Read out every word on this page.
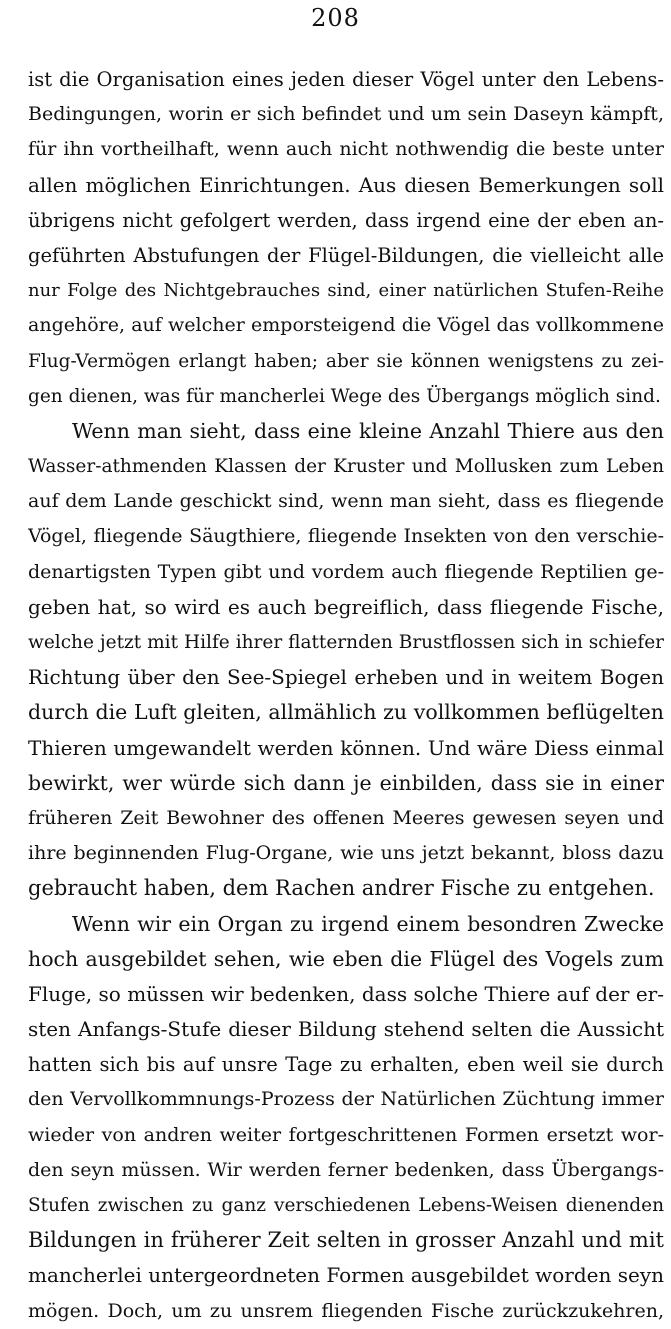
208
ist die Organisation eines jeden dieser Vögel unter den Lebens-
Bedingungen, worin er sich befindet und um sein Daseyn kämpft,
für ihn vortheilhaft, wenn auch nicht nothwendig die beste unter
allen möglichen Einrichtungen. Aus diesen Bemerkungen soll
übrigens nicht gefolgert werden, dass irgend eine der eben an-
geführten Abstufungen der Flügel-Bildungen, die vielleicht alle
nur Folge des Nichtgebrauches sind, einer natürlichen Stufen-Reihe
angehöre, auf welcher emporsteigend die Vögel das vollkommene
Flug-Vermögen erlangt haben; aber sie können wenigstens zu zei-
gen dienen, was für mancherlei Wege des Übergangs möglich sind.
Wenn man sieht, dass eine kleine Anzahl Thiere aus den
Wasser-athmenden Klassen der Kruster und Mollusken zum Leben
auf dem Lande geschickt sind, wenn man sieht, dass es fliegende
Vögel, fliegende Säugthiere, fliegende Insekten von den verschie-
denartigsten Typen gibt und vordem auch fliegende Reptilien ge-
geben hat, so wird es auch begreiflich, dass fliegende Fische,
welche jetzt mit Hilfe ihrer flatternden Brustflossen sich in schiefer
Richtung über den See-Spiegel erheben und in weitem Bogen
durch die Luft gleiten, allmählich zu vollkommen beflügelten
Thieren umgewandelt werden können. Und wäre Diess einmal
bewirkt, wer würde sich dann je einbilden, dass sie in einer
früheren Zeit Bewohner des offenen Meeres gewesen seyen und
ihre beginnenden Flug-Organe, wie uns jetzt bekannt, bloss dazu
gebraucht haben, dem Rachen andrer Fische zu entgehen.
Wenn wir ein Organ zu irgend einem besondren Zwecke
hoch ausgebildet sehen, wie eben die Flügel des Vogels zum
Fluge, so müssen wir bedenken, dass solche Thiere auf der er-
sten Anfangs-Stufe dieser Bildung stehend selten die Aussicht
hatten sich bis auf unsre Tage zu erhalten, eben weil sie durch
den Vervollkommnungs-Prozess der Natürlichen Züchtung immer
wieder von andren weiter fortgeschrittenen Formen ersetzt wor-
den seyn müssen. Wir werden ferner bedenken, dass Übergangs-
Stufen zwischen zu ganz verschiedenen Lebens-Weisen dienenden
Bildungen in früherer Zeit selten in grosser Anzahl und mit
mancherlei untergeordneten Formen ausgebildet worden seyn
mögen. Doch, um zu unsrem fliegenden Fische zurückzukehren,
